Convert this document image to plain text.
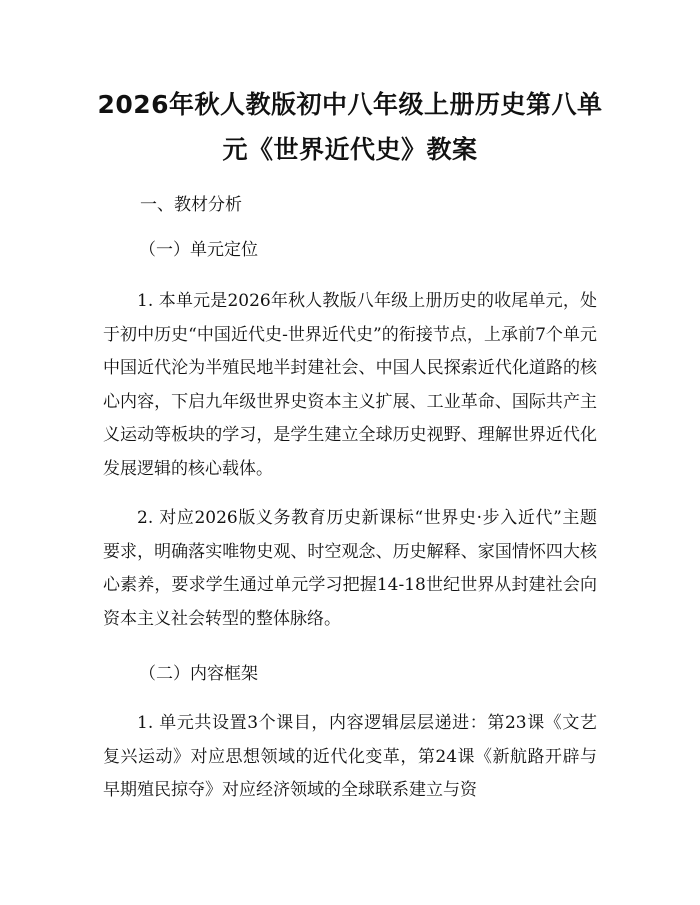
2026年秋人教版初中八年级上册历史第八单
元《世界近代史》教案

一、教材分析

（一）单元定位

1. 本单元是2026年秋人教版八年级上册历史的收尾单元，处于初中历史“中国近代史-世界近代史”的衔接节点，上承前7个单元中国近代沦为半殖民地半封建社会、中国人民探索近代化道路的核心内容，下启九年级世界史资本主义扩展、工业革命、国际共产主义运动等板块的学习，是学生建立全球历史视野、理解世界近代化发展逻辑的核心载体。

2. 对应2026版义务教育历史新课标“世界史·步入近代”主题要求，明确落实唯物史观、时空观念、历史解释、家国情怀四大核心素养，要求学生通过单元学习把握14-18世纪世界从封建社会向资本主义社会转型的整体脉络。

（二）内容框架

1. 单元共设置3个课目，内容逻辑层层递进：第23课《文艺复兴运动》对应思想领域的近代化变革，第24课《新航路开辟与早期殖民掠夺》对应经济领域的全球联系建立与资
